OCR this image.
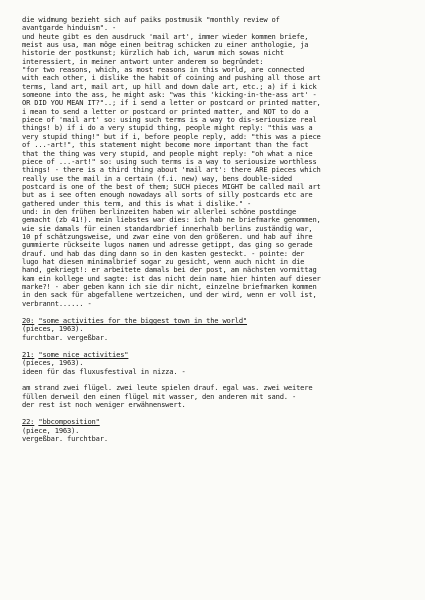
die widmung bezieht sich auf paiks postmusik "monthly review of
avantgarde hinduism". -
und heute gibt es den ausdruck 'mail art', immer wieder kommen briefe,
meist aus usa, man möge einen beitrag schicken zu einer anthologie, ja
historie der postkunst; kürzlich hab ich, warum mich sowas nicht
interessiert, in meiner antwort unter anderem so begründet:
"for two reasons, which, as most reasons in this world, are connected
with each other, i dislike the habit of coining and pushing all those art
terms, land art, mail art, up hill and down dale art, etc.; a) if i kick
someone into the ass, he might ask: "was this 'kicking-in-the-ass art' -
OR DID YOU MEAN IT?"..; if i send a letter or postcard or printed matter,
i mean to send a letter or postcard or printed matter, and NOT to do a
piece of 'mail art' so: using such terms is a way to dis-seriousize real
things! b) if i do a very stupid thing, people might reply: "this was a
very stupid thing!" but if i, before people reply, add: "this was a piece
of ...-art!", this statement might become more important than the fact
that the thing was very stupid, and people might reply: "oh what a nice
piece of ...-art!" so: using such terms is a way to seriousize worthless
things! - there is a third thing about 'mail art': there ARE pieces which
really use the mail in a certain (f.i. new) way, bens double-sided
postcard is one of the best of them; SUCH pieces MIGHT be called mail art
but as i see often enough nowadays all sorts of silly postcards etc are
gathered under this term, and this is what i dislike." -
und: in den frühen berlinzeiten haben wir allerlei schöne postdinge
gemacht (zb 41!). mein liebstes war dies: ich hab ne briefmarke genommen,
wie sie damals für einen standardbrief innerhalb berlins zuständig war,
10 pf schätzungsweise, und zwar eine von den größeren. und hab auf ihre
gummierte rückseite lugos namen und adresse getippt, das ging so gerade
drauf. und hab das ding dann so in den kasten gesteckt. - pointe: der
lugo hat diesen minimalbrief sogar zu gesicht, wenn auch nicht in die
hand, gekriegt!: er arbeitete damals bei der post, am nächsten vormittag
kam ein kollege und sagte: ist das nicht dein name hier hinten auf dieser
marke?! - aber geben kann ich sie dir nicht, einzelne briefmarken kommen
in den sack für abgefallene wertzeichen, und der wird, wenn er voll ist,
verbrannt...... -
20: "some activities for the biggest town in the world"
(pieces, 1963).
furchtbar. vergeßbar.
21: "some nice activities"
(pieces, 1963).
ideen für das fluxusfestival in nizza. -
am strand zwei flügel. zwei leute spielen drauf. egal was. zwei weitere
füllen derweil den einen flügel mit wasser, den anderen mit sand. -
der rest ist noch weniger erwähnenswert.
22: "bbcomposition"
(piece, 1963).
vergeßbar. furchtbar.
